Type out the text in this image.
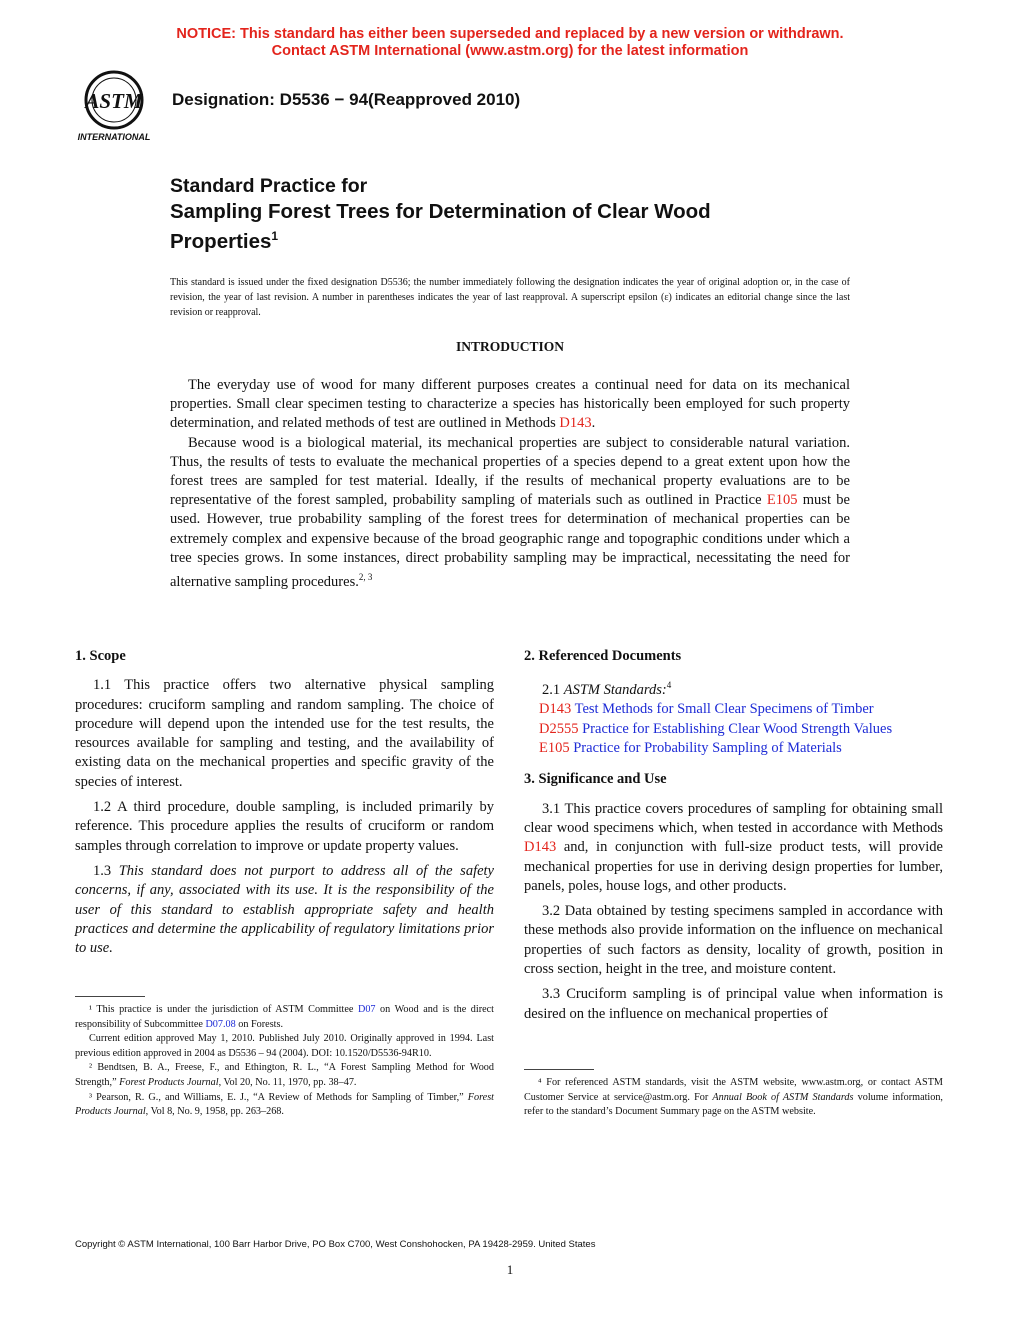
NOTICE: This standard has either been superseded and replaced by a new version or withdrawn.
Contact ASTM International (www.astm.org) for the latest information
ASTM
INTERNATIONAL
Designation: D5536 − 94(Reapproved 2010)
Standard Practice for
Sampling Forest Trees for Determination of Clear Wood
Properties$^1$
This standard is issued under the fixed designation D5536; the number immediately following the designation indicates the year of original adoption or, in the case of revision, the year of last revision. A number in parentheses indicates the year of last reapproval. A superscript epsilon (ε) indicates an editorial change since the last revision or reapproval.
INTRODUCTION

The everyday use of wood for many different purposes creates a continual need for data on its mechanical properties. Small clear specimen testing to characterize a species has historically been employed for such property determination, and related methods of test are outlined in Methods D143.

Because wood is a biological material, its mechanical properties are subject to considerable natural variation. Thus, the results of tests to evaluate the mechanical properties of a species depend to a great extent upon how the forest trees are sampled for test material. Ideally, if the results of mechanical property evaluations are to be representative of the forest sampled, probability sampling of materials such as outlined in Practice E105 must be used. However, true probability sampling of the forest trees for determination of mechanical properties can be extremely complex and expensive because of the broad geographic range and topographic conditions under which a tree species grows. In some instances, direct probability sampling may be impractical, necessitating the need for alternative sampling procedures.$^{2, 3}$

1. Scope

1.1 This practice offers two alternative physical sampling procedures: cruciform sampling and random sampling. The choice of procedure will depend upon the intended use for the test results, the resources available for sampling and testing, and the availability of existing data on the mechanical properties and specific gravity of the species of interest.

1.2 A third procedure, double sampling, is included primarily by reference. This procedure applies the results of cruciform or random samples through correlation to improve or update property values.

1.3 This standard does not purport to address all of the safety concerns, if any, associated with its use. It is the responsibility of the user of this standard to establish appropriate safety and health practices and determine the applicability of regulatory limitations prior to use.

2. Referenced Documents

2.1 ASTM Standards:$^4$

D143 Test Methods for Small Clear Specimens of Timber
D2555 Practice for Establishing Clear Wood Strength Values
E105 Practice for Probability Sampling of Materials
3. Significance and Use

3.1 This practice covers procedures of sampling for obtaining small clear wood specimens which, when tested in accordance with Methods D143 and, in conjunction with full-size product tests, will provide mechanical properties for use in deriving design properties for lumber, panels, poles, house logs, and other products.

3.2 Data obtained by testing specimens sampled in accordance with these methods also provide information on the influence on mechanical properties of such factors as density, locality of growth, position in cross section, height in the tree, and moisture content.

3.3 Cruciform sampling is of principal value when information is desired on the influence on mechanical properties of

¹ This practice is under the jurisdiction of ASTM Committee D07 on Wood and is the direct responsibility of Subcommittee D07.08 on Forests.

Current edition approved May 1, 2010. Published July 2010. Originally approved in 1994. Last previous edition approved in 2004 as D5536 – 94 (2004). DOI: 10.1520/D5536-94R10.

² Bendtsen, B. A., Freese, F., and Ethington, R. L., “A Forest Sampling Method for Wood Strength,” Forest Products Journal, Vol 20, No. 11, 1970, pp. 38–47.

³ Pearson, R. G., and Williams, E. J., “A Review of Methods for Sampling of Timber,” Forest Products Journal, Vol 8, No. 9, 1958, pp. 263–268.

⁴ For referenced ASTM standards, visit the ASTM website, www.astm.org, or contact ASTM Customer Service at service@astm.org. For Annual Book of ASTM Standards volume information, refer to the standard’s Document Summary page on the ASTM website.

Copyright © ASTM International, 100 Barr Harbor Drive, PO Box C700, West Conshohocken, PA 19428-2959. United States
1
